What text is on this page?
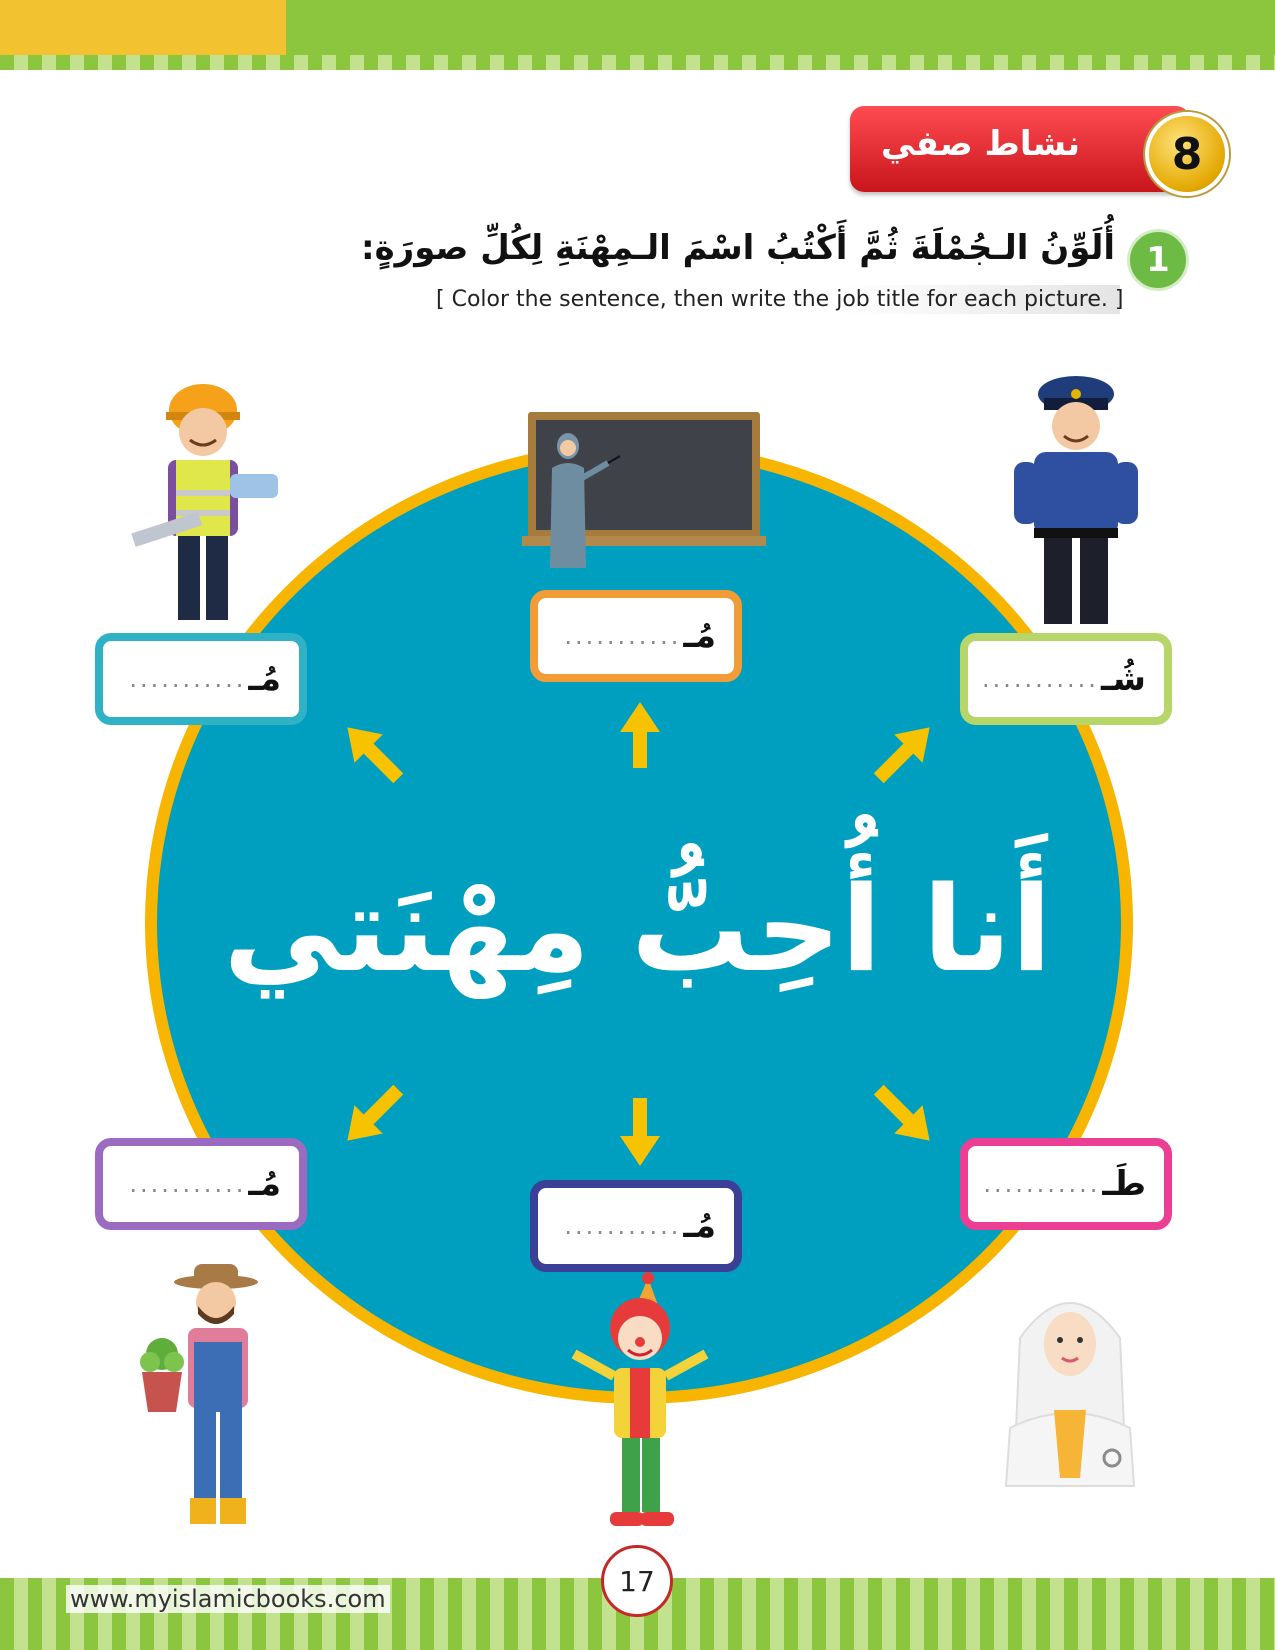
نشاط صفي	8
1
أُلَوِّنُ الـجُمْلَةَ ثُمَّ أَكْتُبُ اسْمَ الـمِهْنَةِ لِكُلِّ صورَةٍ:
[ Color the sentence, then write the job title for each picture. ]
أَنا أُحِبُّ مِهْنَتي
........... مُـ
........... مُـ
........... شُـ
........... مُـ
........... مُـ
........... طَـ
www.myislamicbooks.com
17
